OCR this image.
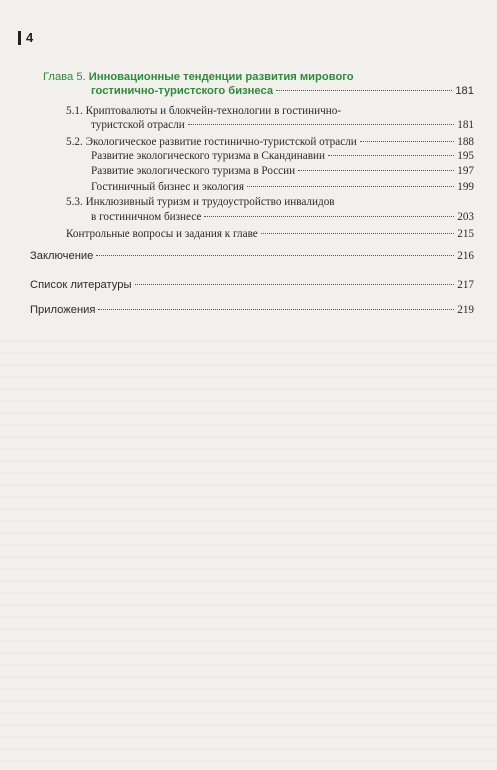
4
Глава 5. Инновационные тенденции развития мирового
гостинично-туристского бизнеса	181
5.1. Криптовалюты и блокчейн-технологии в гостинично-
туристской отрасли	181
5.2. Экологическое развитие гостинично-туристской отрасли	188
Развитие экологического туризма в Скандинавии	195
Развитие экологического туризма в России	197
Гостиничный бизнес и экология	199
5.3. Инклюзивный туризм и трудоустройство инвалидов
в гостиничном бизнесе	203
Контрольные вопросы и задания к главе	215
Заключение	216
Список литературы	217
Приложения	219
